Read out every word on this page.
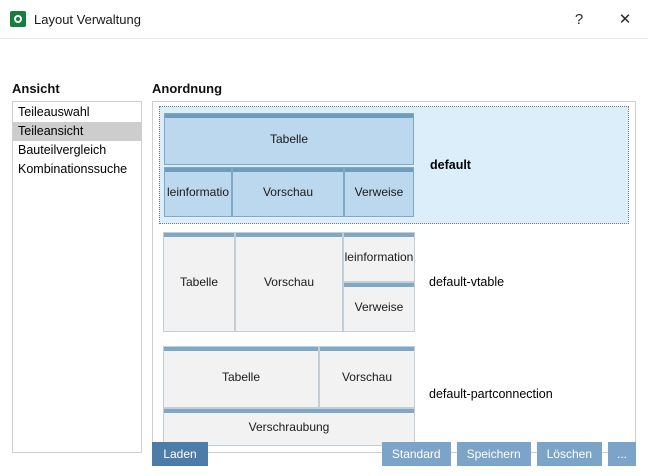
Layout Verwaltung	?	✕
Ansicht	Anordnung
Teileauswahl
Teileansicht
Bauteilvergleich
Kombinationssuche
Tabelle
leinformatio	Vorschau	Verweise
default
Tabelle	Vorschau
leinformation
Verweise
default-vtable
Tabelle	Vorschau
Verschraubung
default-partconnection
Laden	Standard	Speichern	Löschen	...
